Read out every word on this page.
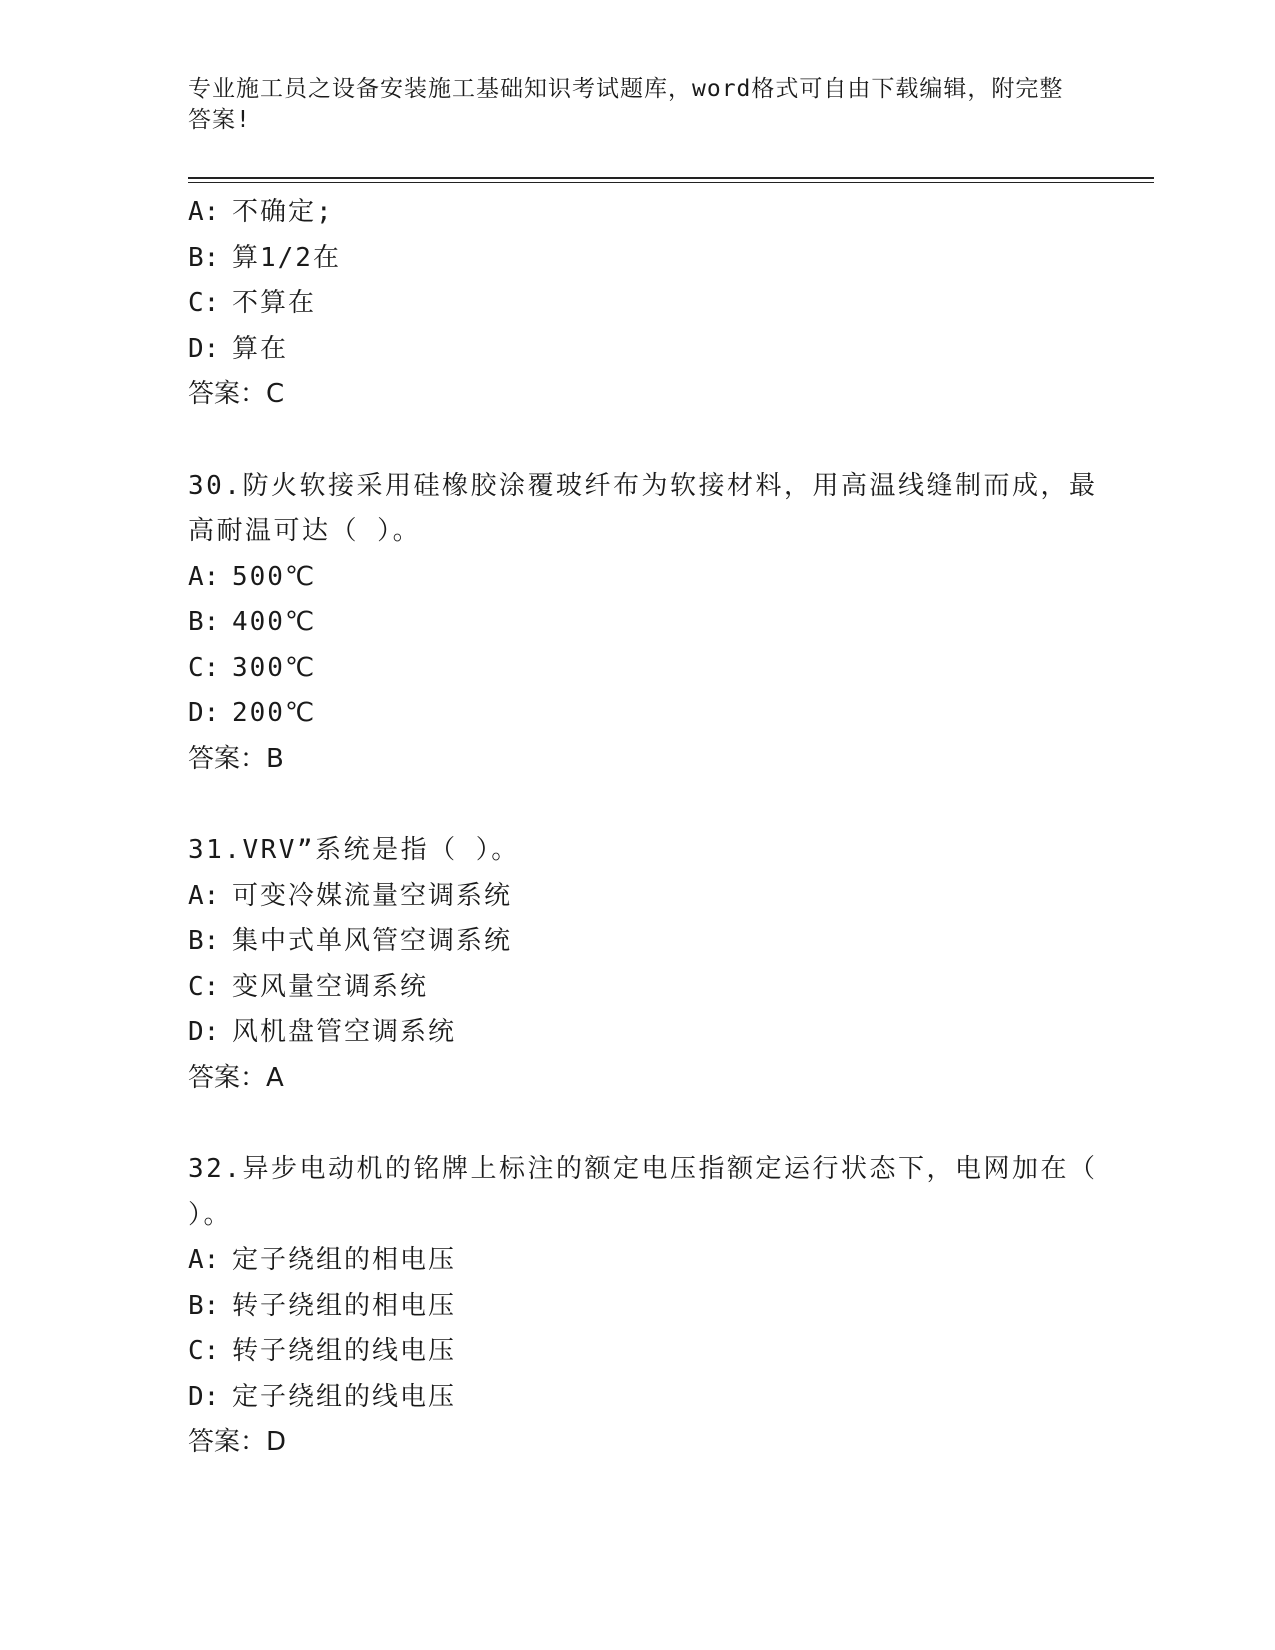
专业施工员之设备安装施工基础知识考试题库，word格式可自由下载编辑，附完整答案!
A: 不确定;
B: 算1/2在
C: 不算在
D: 算在
答案：C
30.防火软接采用硅橡胶涂覆玻纤布为软接材料，用高温线缝制而成，最高耐温可达（ ）。
A: 500℃
B: 400℃
C: 300℃
D: 200℃
答案：B
31.VRV”系统是指（ ）。
A: 可变冷媒流量空调系统
B: 集中式单风管空调系统
C: 变风量空调系统
D: 风机盘管空调系统
答案：A
32.异步电动机的铭牌上标注的额定电压指额定运行状态下，电网加在（ ）。
A: 定子绕组的相电压
B: 转子绕组的相电压
C: 转子绕组的线电压
D: 定子绕组的线电压
答案：D
